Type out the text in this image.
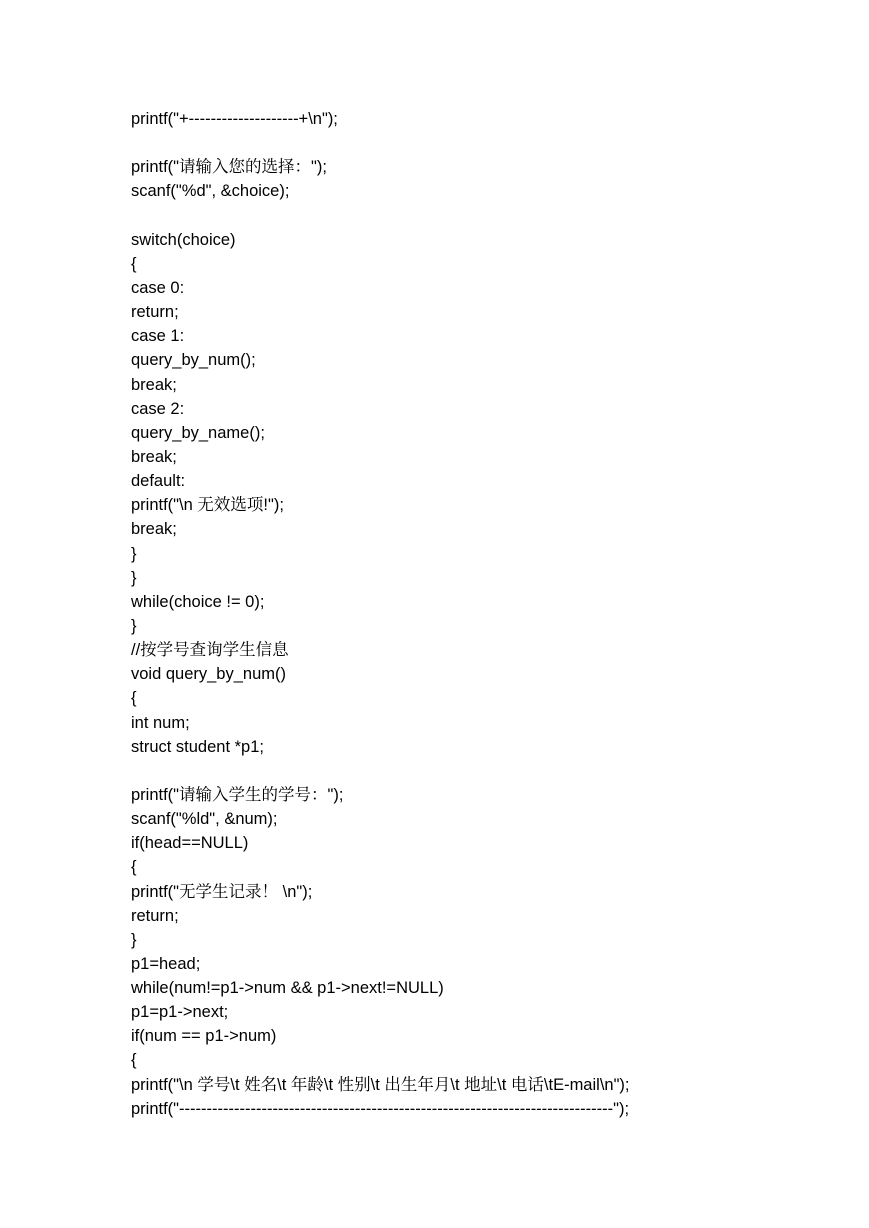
printf("+--------------------+\n");
printf("请输入您的选择：");
scanf("%d", &choice);
switch(choice)
{
case 0:
return;
case 1:
query_by_num();
break;
case 2:
query_by_name();
break;
default:
printf("\n 无效选项!");
break;
}
}
while(choice != 0);
}
//按学号查询学生信息
void query_by_num()
{
int num;
struct student *p1;
printf("请输入学生的学号：");
scanf("%ld", &num);
if(head==NULL)
{
printf("无学生记录！ \n");
return;
}
p1=head;
while(num!=p1->num && p1->next!=NULL)
p1=p1->next;
if(num == p1->num)
{
printf("\n 学号\t 姓名\t 年龄\t 性别\t 出生年月\t 地址\t 电话\tE-mail\n");
printf("-------------------------------------------------------------------------------");
